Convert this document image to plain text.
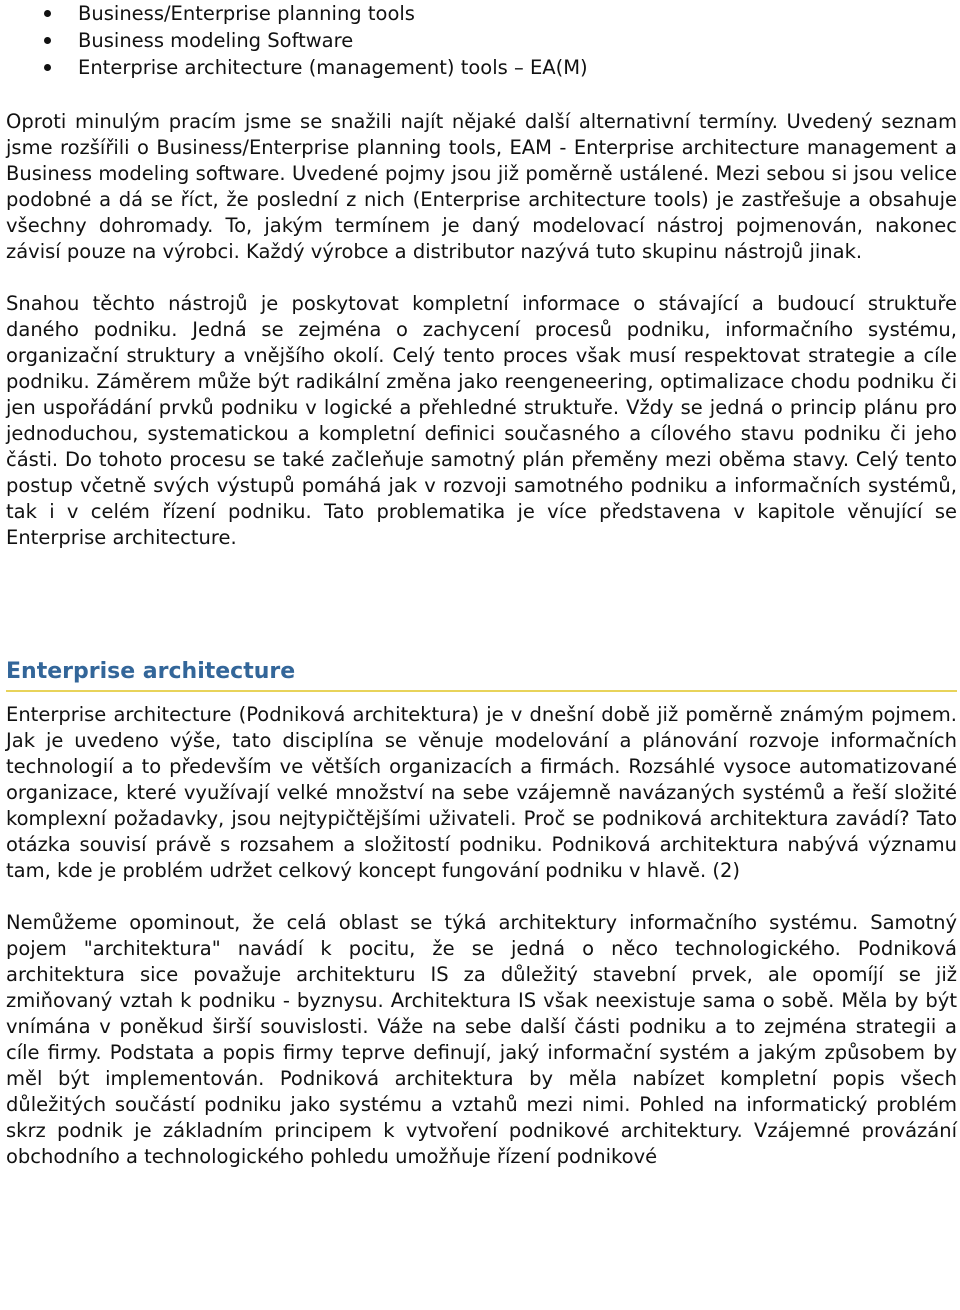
Business/Enterprise planning tools
Business modeling Software
Enterprise architecture (management) tools – EA(M)

Oproti minulým pracím jsme se snažili najít nějaké další alternativní termíny. Uvedený seznam jsme rozšířili o Business/Enterprise planning tools, EAM - Enterprise architecture management a Business modeling software. Uvedené pojmy jsou již poměrně ustálené. Mezi sebou si jsou velice podobné a dá se říct, že poslední z nich (Enterprise architecture tools) je zastřešuje a obsahuje všechny dohromady. To, jakým termínem je daný modelovací nástroj pojmenován, nakonec závisí pouze na výrobci. Každý výrobce a distributor nazývá tuto skupinu nástrojů jinak.

Snahou těchto nástrojů je poskytovat kompletní informace o stávající a budoucí struktuře daného podniku. Jedná se zejména o zachycení procesů podniku, informačního systému, organizační struktury a vnějšího okolí. Celý tento proces však musí respektovat strategie a cíle podniku. Záměrem může být radikální změna jako reengeneering, optimalizace chodu podniku či jen uspořádání prvků podniku v logické a přehledné struktuře. Vždy se jedná o princip plánu pro jednoduchou, systematickou a kompletní definici současného a cílového stavu podniku či jeho části. Do tohoto procesu se také začleňuje samotný plán přeměny mezi oběma stavy. Celý tento postup včetně svých výstupů pomáhá jak v rozvoji samotného podniku a informačních systémů, tak i v celém řízení podniku. Tato problematika je více představena v kapitole věnující se Enterprise architecture.

Enterprise architecture

Enterprise architecture (Podniková architektura) je v dnešní době již poměrně známým pojmem. Jak je uvedeno výše, tato disciplína se věnuje modelování a plánování rozvoje informačních technologií a to především ve větších organizacích a firmách. Rozsáhlé vysoce automatizované organizace, které využívají velké množství na sebe vzájemně navázaných systémů a řeší složité komplexní požadavky, jsou nejtypičtějšími uživateli. Proč se podniková architektura zavádí? Tato otázka souvisí právě s rozsahem a složitostí podniku. Podniková architektura nabývá významu tam, kde je problém udržet celkový koncept fungování podniku v hlavě. (2)

Nemůžeme opominout, že celá oblast se týká architektury informačního systému. Samotný pojem "architektura" navádí k pocitu, že se jedná o něco technologického. Podniková architektura sice považuje architekturu IS za důležitý stavební prvek, ale opomíjí se již zmiňovaný vztah k podniku - byznysu. Architektura IS však neexistuje sama o sobě. Měla by být vnímána v poněkud širší souvislosti. Váže na sebe další části podniku a to zejména strategii a cíle firmy. Podstata a popis firmy teprve definují, jaký informační systém a jakým způsobem by měl být implementován. Podniková architektura by měla nabízet kompletní popis všech důležitých součástí podniku jako systému a vztahů mezi nimi. Pohled na informatický problém skrz podnik je základním principem k vytvoření podnikové architektury. Vzájemné provázání obchodního a technologického pohledu umožňuje řízení podnikové
